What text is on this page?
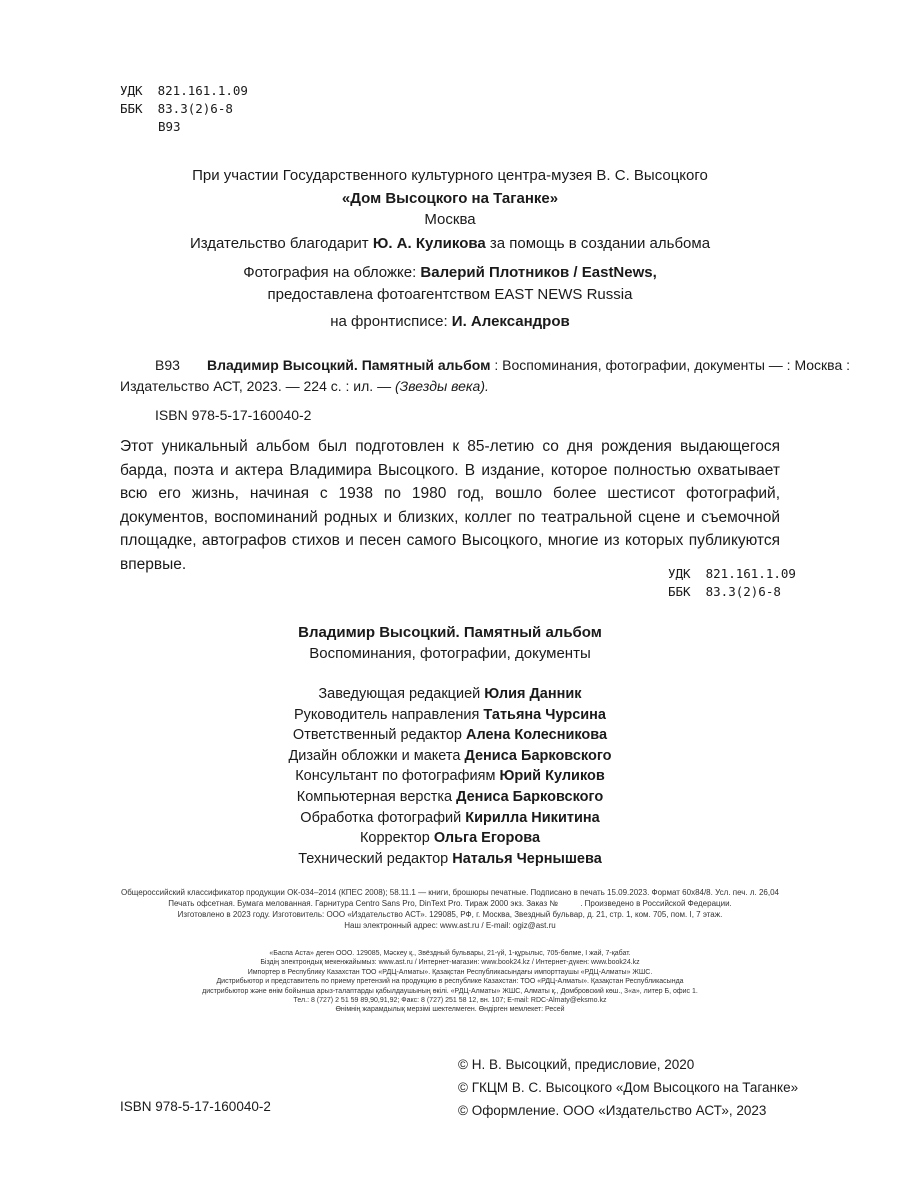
УДК  821.161.1.09
ББК  83.3(2)6-8
В93
При участии Государственного культурного центра-музея В. С. Высоцкого
«Дом Высоцкого на Таганке»
Москва
Издательство благодарит Ю. А. Куликова за помощь в создании альбома
Фотография на обложке: Валерий Плотников / EastNews,
предоставлена фотоагентством EAST NEWS Russia
на фронтисписе: И. Александров
В93 Владимир Высоцкий. Памятный альбом : Воспоминания, фотографии, документы — : Москва :
Издательство АСТ, 2023. — 224 с. : ил. — (Звезды века).
ISBN 978-5-17-160040-2
Этот уникальный альбом был подготовлен к 85-летию со дня рождения выдающегося барда, поэта и актера Владимира Высоцкого. В издание, которое полностью охватывает всю его жизнь, начиная с 1938 по 1980 год, вошло более шестисот фотографий, документов, воспоминаний родных и близких, коллег по театральной сцене и съемочной площадке, автографов стихов и песен самого Высоцкого, многие из которых публикуются впервые.
УДК  821.161.1.09
ББК  83.3(2)6-8
Владимир Высоцкий. Памятный альбом
Воспоминания, фотографии, документы
Заведующая редакцией Юлия Данник
Руководитель направления Татьяна Чурсина
Ответственный редактор Алена Колесникова
Дизайн обложки и макета Дениса Барковского
Консультант по фотографиям Юрий Куликов
Компьютерная верстка Дениса Барковского
Обработка фотографий Кирилла Никитина
Корректор Ольга Егорова
Технический редактор Наталья Чернышева
Общероссийский классификатор продукции ОК-034–2014 (КПЕС 2008); 58.11.1 — книги, брошюры печатные. Подписано в печать 15.09.2023. Формат 60х84/8. Усл. печ. л. 26,04
Печать офсетная. Бумага мелованная. Гарнитура Centro Sans Pro, DinText Pro. Тираж 2000 экз. Заказ №          . Произведено в Российской Федерации.
Изготовлено в 2023 году. Изготовитель: ООО «Издательство АСТ». 129085, РФ, г. Москва, Звездный бульвар, д. 21, стр. 1, ком. 705, пом. I, 7 этаж.
Наш электронный адрес: www.ast.ru / E-mail: ogiz@ast.ru
«Баспа Аста» деген ООО. 129085, Мәскеу қ., Звёздный бульвары, 21-үй, 1-құрылыс, 705-бөлме, I жай, 7-қабат.
Біздің электрондық мекенжайымыз: www.ast.ru / Интернет-магазин: www.book24.kz / Интернет-дүкен: www.book24.kz
Импортер в Республику Казахстан ТОО «РДЦ-Алматы». Қазақстан Республикасындағы импорттаушы «РДЦ-Алматы» ЖШС.
Дистрибьютор и представитель по приему претензий на продукцию в республике Казахстан: ТОО «РДЦ-Алматы». Қазақстан Республикасында
дистрибьютор және өнім бойынша арыз-талаптарды қабылдаушының өкілі. «РДЦ-Алматы» ЖШС, Алматы қ., Домбровский көш., 3«а», литер Б, офис 1.
Тел.: 8 (727) 2 51 59 89,90,91,92; Факс: 8 (727) 251 58 12, вн. 107; E-mail: RDC-Almaty@eksmo.kz
Өнімнің жарамдылық мерзімі шектелмеген. Өндірген мемлекет: Ресей
© Н. В. Высоцкий, предисловие, 2020
© ГКЦМ В. С. Высоцкого «Дом Высоцкого на Таганке»
© Оформление. ООО «Издательство АСТ», 2023
ISBN 978-5-17-160040-2
